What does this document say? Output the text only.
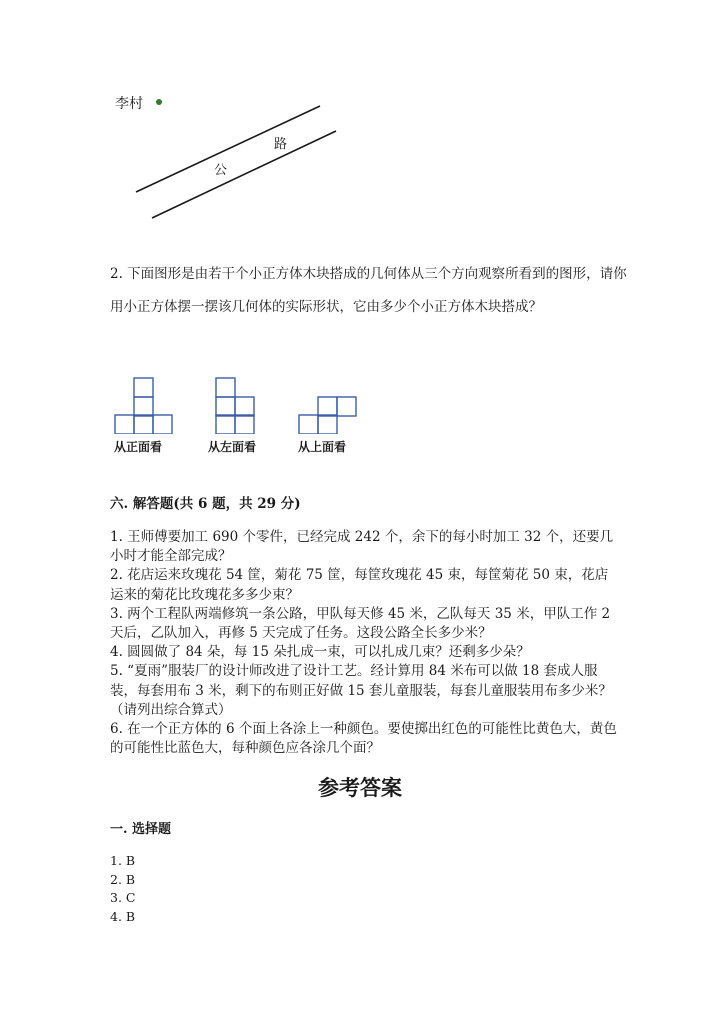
李村
公
路
2. 下面图形是由若干个小正方体木块搭成的几何体从三个方向观察所看到的图形，请你用小正方体摆一摆该几何体的实际形状，它由多少个小正方体木块搭成？
从正面看	从左面看	从上面看
六. 解答题(共 6 题，共 29 分)

1. 王师傅要加工 690 个零件，已经完成 242 个，余下的每小时加工 32 个，还要几小时才能全部完成？

2. 花店运来玫瑰花 54 筐，菊花 75 筐，每筐玫瑰花 45 束，每筐菊花 50 束，花店运来的菊花比玫瑰花多多少束？

3. 两个工程队两端修筑一条公路，甲队每天修 45 米，乙队每天 35 米，甲队工作 2 天后，乙队加入，再修 5 天完成了任务。这段公路全长多少米？

4. 圆圆做了 84 朵，每 15 朵扎成一束，可以扎成几束？还剩多少朵？

5. “夏雨”服装厂的设计师改进了设计工艺。经计算用 84 米布可以做 18 套成人服装，每套用布 3 米，剩下的布则正好做 15 套儿童服装，每套儿童服装用布多少米？（请列出综合算式）

6. 在一个正方体的 6 个面上各涂上一种颜色。要使掷出红色的可能性比黄色大，黄色的可能性比蓝色大，每种颜色应各涂几个面？

参考答案
一. 选择题
1. B
2. B
3. C
4. B
